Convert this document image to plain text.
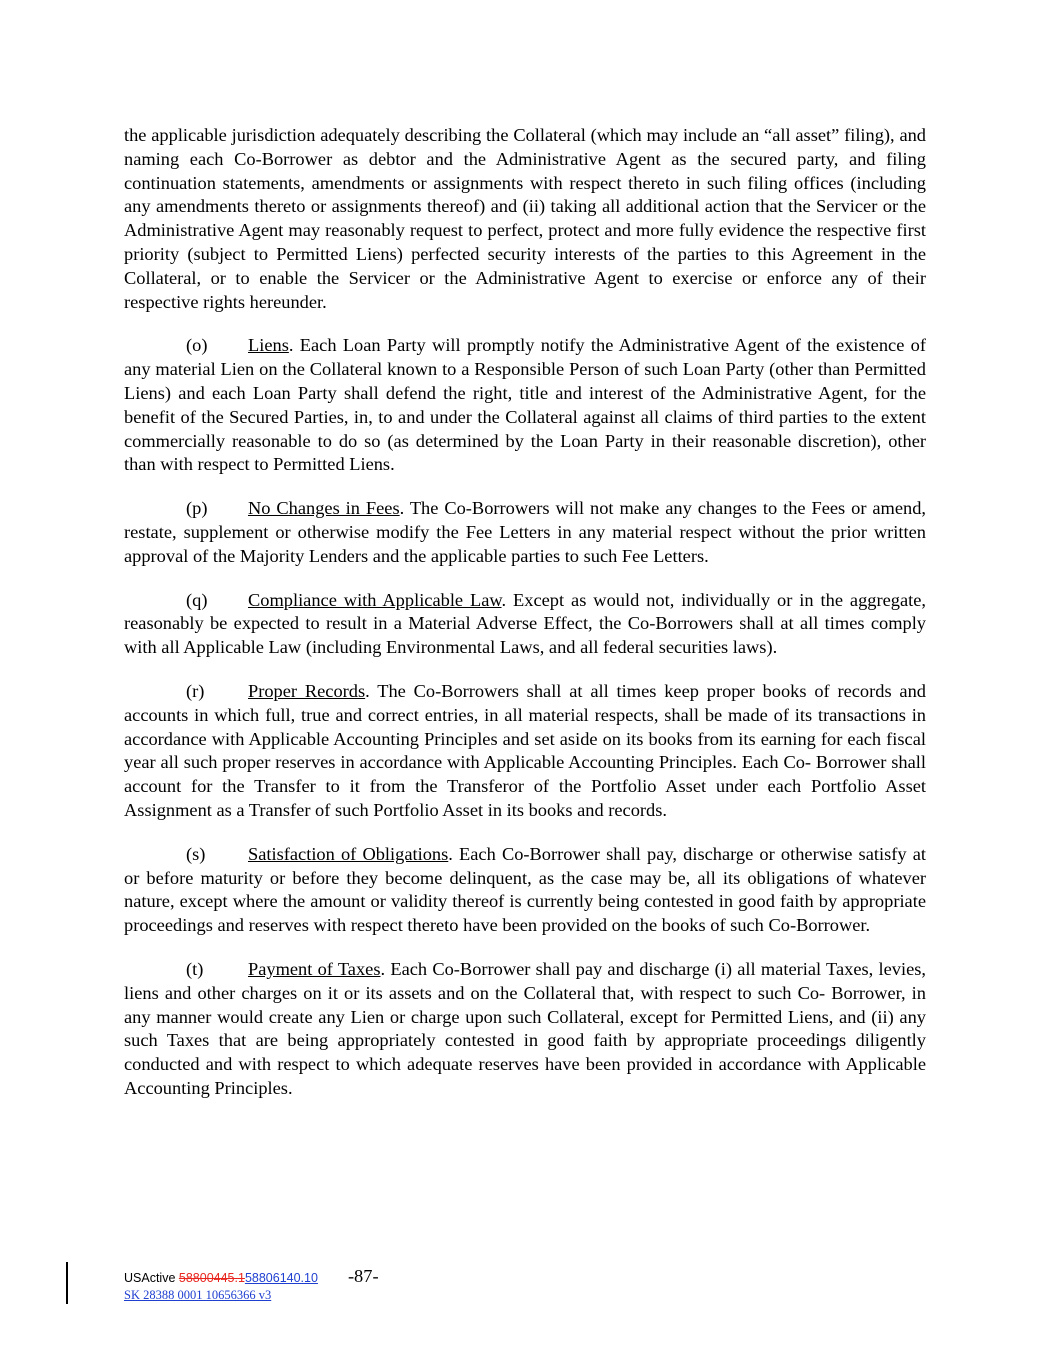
the applicable jurisdiction adequately describing the Collateral (which may include an “all asset” filing), and naming each Co-Borrower as debtor and the Administrative Agent as the secured party, and filing continuation statements, amendments or assignments with respect thereto in such filing offices (including any amendments thereto or assignments thereof) and (ii) taking all additional action that the Servicer or the Administrative Agent may reasonably request to perfect, protect and more fully evidence the respective first priority (subject to Permitted Liens) perfected security interests of the parties to this Agreement in the Collateral, or to enable the Servicer or the Administrative Agent to exercise or enforce any of their respective rights hereunder.

(o) Liens. Each Loan Party will promptly notify the Administrative Agent of the existence of any material Lien on the Collateral known to a Responsible Person of such Loan Party (other than Permitted Liens) and each Loan Party shall defend the right, title and interest of the Administrative Agent, for the benefit of the Secured Parties, in, to and under the Collateral against all claims of third parties to the extent commercially reasonable to do so (as determined by the Loan Party in their reasonable discretion), other than with respect to Permitted Liens.

(p) No Changes in Fees. The Co-Borrowers will not make any changes to the Fees or amend, restate, supplement or otherwise modify the Fee Letters in any material respect without the prior written approval of the Majority Lenders and the applicable parties to such Fee Letters.

(q) Compliance with Applicable Law. Except as would not, individually or in the aggregate, reasonably be expected to result in a Material Adverse Effect, the Co-Borrowers shall at all times comply with all Applicable Law (including Environmental Laws, and all federal securities laws).

(r) Proper Records. The Co-Borrowers shall at all times keep proper books of records and accounts in which full, true and correct entries, in all material respects, shall be made of its transactions in accordance with Applicable Accounting Principles and set aside on its books from its earning for each fiscal year all such proper reserves in accordance with Applicable Accounting Principles. Each Co- Borrower shall account for the Transfer to it from the Transferor of the Portfolio Asset under each Portfolio Asset Assignment as a Transfer of such Portfolio Asset in its books and records.

(s) Satisfaction of Obligations. Each Co-Borrower shall pay, discharge or otherwise satisfy at or before maturity or before they become delinquent, as the case may be, all its obligations of whatever nature, except where the amount or validity thereof is currently being contested in good faith by appropriate proceedings and reserves with respect thereto have been provided on the books of such Co-Borrower.

(t) Payment of Taxes. Each Co-Borrower shall pay and discharge (i) all material Taxes, levies, liens and other charges on it or its assets and on the Collateral that, with respect to such Co- Borrower, in any manner would create any Lien or charge upon such Collateral, except for Permitted Liens, and (ii) any such Taxes that are being appropriately contested in good faith by appropriate proceedings diligently conducted and with respect to which adequate reserves have been provided in accordance with Applicable Accounting Principles.

USActive 58800445.158806140.10 -87-
SK 28388 0001 10656366 v3
